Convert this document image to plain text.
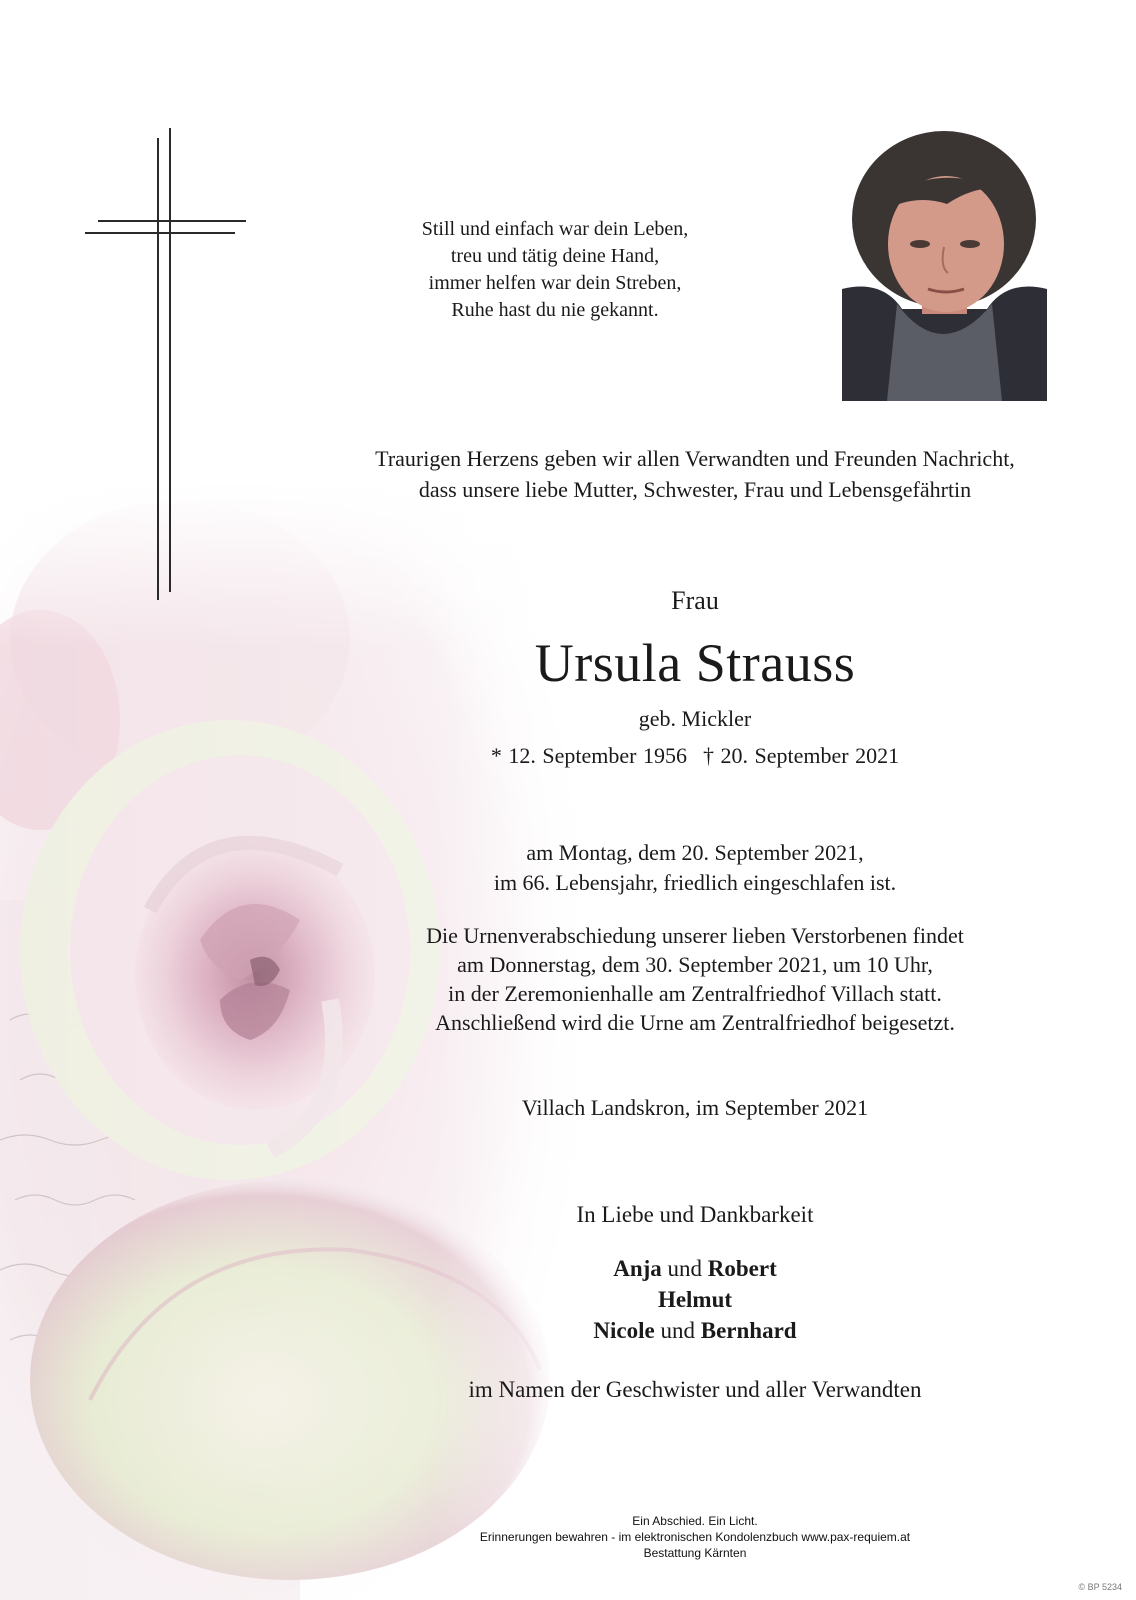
Still und einfach war dein Leben,
treu und tätig deine Hand,
immer helfen war dein Streben,
Ruhe hast du nie gekannt.
Traurigen Herzens geben wir allen Verwandten und Freunden Nachricht,
dass unsere liebe Mutter, Schwester, Frau und Lebensgefährtin
Frau
Ursula Strauss
geb. Mickler
* 12. September 1956 † 20. September 2021
am Montag, dem 20. September 2021,
im 66. Lebensjahr, friedlich eingeschlafen ist.
Die Urnenverabschiedung unserer lieben Verstorbenen findet
am Donnerstag, dem 30. September 2021, um 10 Uhr,
in der Zeremonienhalle am Zentralfriedhof Villach statt.
Anschließend wird die Urne am Zentralfriedhof beigesetzt.
Villach Landskron, im September 2021
In Liebe und Dankbarkeit
Anja und Robert
Helmut
Nicole und Bernhard
im Namen der Geschwister und aller Verwandten
Ein Abschied. Ein Licht.
Erinnerungen bewahren - im elektronischen Kondolenzbuch www.pax-requiem.at
Bestattung Kärnten
© BP 5234
